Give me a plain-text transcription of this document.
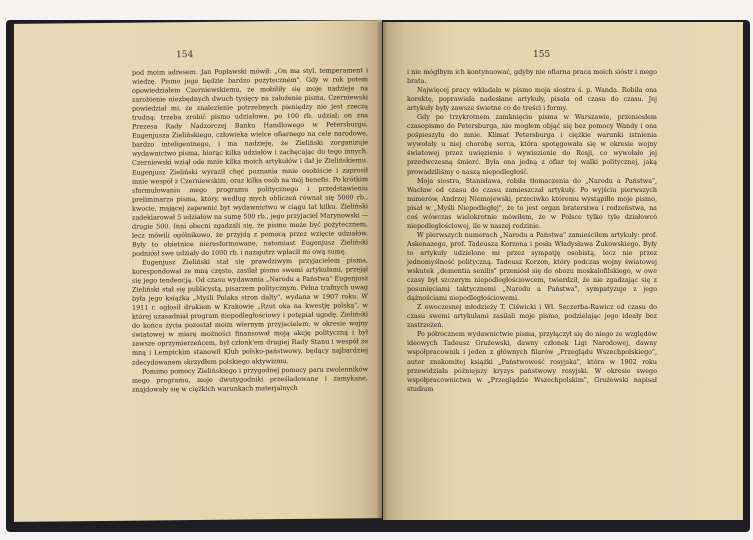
154

pod moim adresem. Jan Popławski mówił: „On ma styl, temperament i wiedzę. Pismo jego będzie bardzo pożyteczném". Gdy w rok potem opowiedziałem Czerniewskiemu, że mobiliły się moje nadzieje na zarobienie niezbędnych dwuch tysięcy na założenie pisma, Czerniewski powiedział mi, że znalezienie potrzebnych pieniędzy nie jest rzeczą trudną: trzeba zrobić pismo udziałowe, po 100 rb. udział; on zna Prezesa Rady Nadzorczej Banku Handlowego w Petersburgu, Eugenjusza Zielińskiego, człowieka wielce ofiarnego na cele narodowe, bardzo inteligentnego, i ma nadzieję, że Zieliński zorganizuje wydawnictwo pisma, biorąc kilka udziałów i zachęcając do tego innych. Czerniewski wziął ode mnie kilka moich artykułów i dał je Zielińskiemu. Eugenjusz Zieliński wyraził chęć poznania mnie osobiście i zaprosił mnie wespół z Czerniewskim, oraz kilka osób na mój benefis. Po krótkim sformułowaniu mego programu politycznego i przedstawieniu preliminarza pisma, który, według mych obliczeń równał się 5000 rb., kwocie, mającej zapewnić byt wydawnictwu w ciągu lat kilku. Zieliński zadeklarował 5 udziałów na sumę 500 rb., jego przyjaciel Marynowski — drugie 500. Inni obecni zgadzali się, że pismo może być pożytecznem, lecz mówili ogólnikowo, że przyjdą z pomocą przez wzięcie udziałów. Były to obietnice nieresformowane, natomiast Eugenjusz Zieliński podniósł swe udziały do 1000 rb. i nazajutrz wpłacił mi ową sumę.

Eugenjusz Zieliński stał się prawdziwym przyjacielem pisma, korespondował ze mną często, zasilał pismo swemi artykułami, przejął się jego tendencją. Od czasu wydawania „Narodu a Państwa" Eugenjusz Zieliński stał się publicystą, pisarzem politycznym. Pełna trafnych uwag była jego książka „Myśli Polaka stron dalty", wydana w 1907 roku. W 1911 r. ogłosił drukiem w Krakowie „Rzut oka na kwestję polską", w której uzasadniał program niepodległościowy i potępiał ugodę. Zieliński do końca życia pozostał moim wiernym przyjacielem; w okresie wojny światowej w miarę możności finansował moją akcję polityczną i był zawsze oprzymierzeńcem, był członk'em drugiej Rady Stanu i wespół ze mną i Lempickim stanowił Klub polsko-państwowy, będący najbardziej zdecydowanem skrzydłem polskiego aktywizmu.

Pomimo pomocy Zielińskiego i przygodnej pomocy paru zwolenników mego programu, moje dwutygodniki prześladowane i zamykane, znajdowały się w ciężkich warunkach materjalnych

155

i nie mógłbym ich kontynuować, gdyby nie ofiarna praca moich sióstr i mego brata.

Najwięcej pracy wkładała w pismo moja siostra ś. p. Wanda. Robiła ona korektę, poprawiała nadesłane artykuły, pisała od czasu do czasu. Jej artykuły były zawsze świetne co do treści i formy.

Gdy po trzykrotnem zamknięciu pisma w Warszawie, przeniosłem czasopismo do Petersburga, nie mogłem objąć się bez pomocy Wandy i ona pośpieszyła do mnie. Klimat Petersburga i ciężkie warunki istnienia wywołały u niej chorobę serca, która spotęgowała się w okresie wojny światowej przez uwięzienie i wywiezienie do Rosji, co wywołało jej przedwczesną śmierć. Była ona jedną z ofiar tej walki politycznej, jaką prowadziliśmy o naszą niepodległość.

Moja siostra, Stanisława, robiła tłomaczenia do „Narodu a Państwa", Wacław od czasu do czasu zamieszczał artykuły. Po wyjściu pierwszych numerów, Andrzej Niemojewski, przeciwko któremu wystąpiłło moje pismo, pisał w „Myśli Niepodległej", że to jest organ braterstwa i rodzeństwa, na coś wówczas wielokrotnie mówiłem, że w Polsce tylko tyle działowcó niepodległościowej, ile w naszej rodzinie.

W pierwszych numerach „Narodu a Państwa" zamieściłem artykuły: prof. Askenazego, prof. Tadeusza Korzona i posła Władysława Żukowskiego. Były to artykuły udzielone mi przez sympatję osobistą, lecz nie przez jednomyślność polityczną. Tadeusz Korzon, który podczas wojny światowej wskutek „dementia senilis" przeniósł się do obozu moskalofilskiego, w owe czasy był szczerym niepodległościowcem, twierdził, że nie zgadzając się z posunięciami taktycznemi „Narodu a Państwa", sympatyzuje z jego dążnościami niepodległościowemi.

Z owoczesnej młodzieży T. Ciświcki i Wł. Seczerba-Rawicz od czasu do czasu swemi artykułami zasilali moje pismo, podzielając jego ideały bez zastrzeżeń.

Po półrocznem wydawnictwie pisma, przyłączył się do niego ze względów ideowych Tadeusz Grużewski, dawny członek Ligi Narodowej, dawny współpracownik i jeden z głównych filarów „Przeglądu Wszechpolskiego", autor znakomitej książki „Państwowość rosyjska", która w 1902 roku przewidziała późniejszy kryzys państwowy rosyjski. W okresie swego współpracownictwa w „Przeglądzie Wszechpolskim", Grużewski napisał studium
